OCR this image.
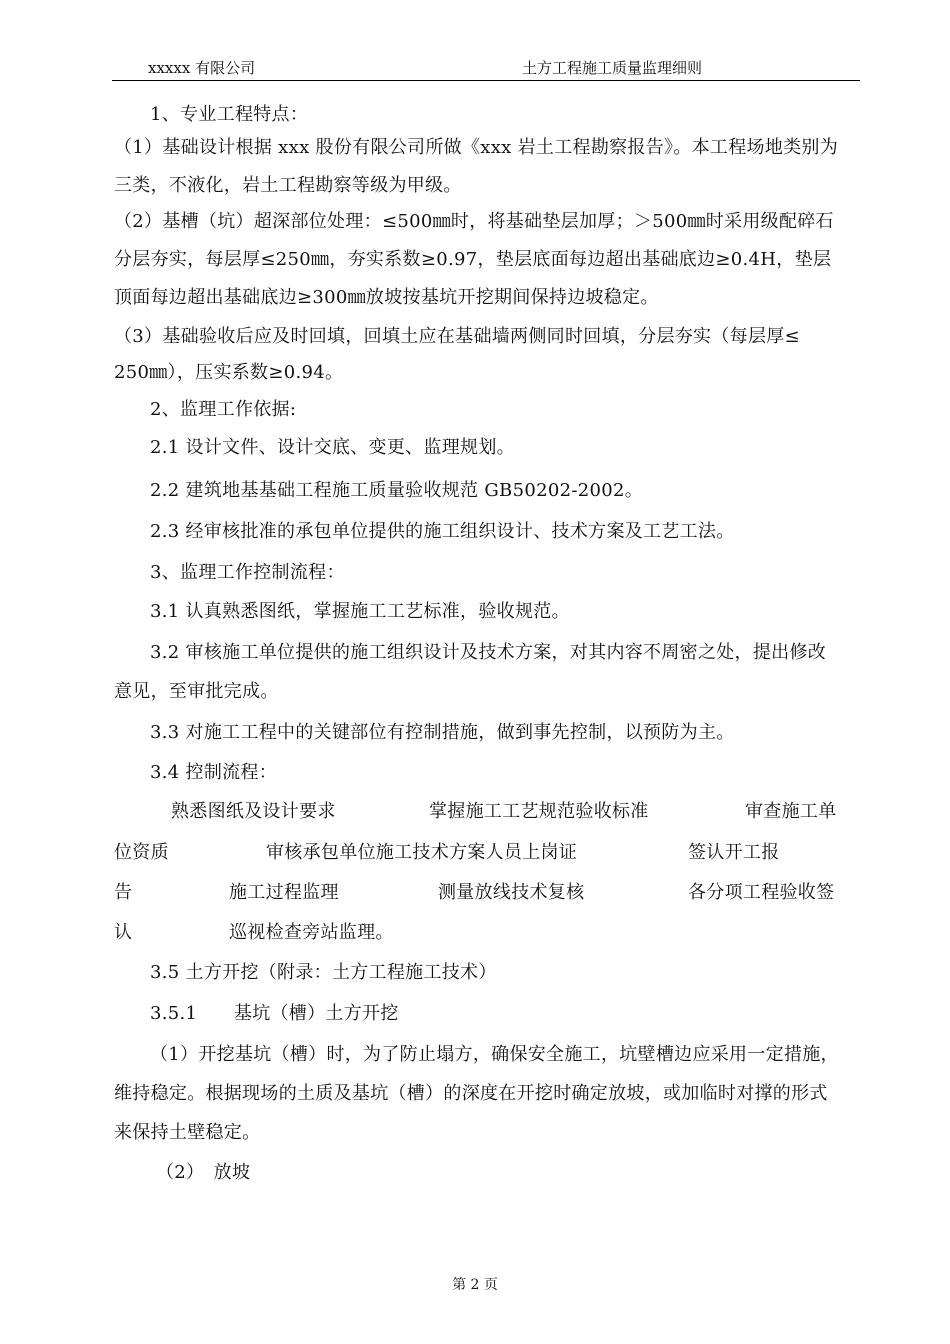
xxxxx 有限公司	土方工程施工质量监理细则
1、专业工程特点：
（1）基础设计根据 xxx 股份有限公司所做《xxx 岩土工程勘察报告》。本工程场地类别为
三类，不液化，岩土工程勘察等级为甲级。
（2）基槽（坑）超深部位处理：≤500㎜时，将基础垫层加厚；＞500㎜时采用级配碎石
分层夯实，每层厚≤250㎜，夯实系数≥0.97，垫层底面每边超出基础底边≥0.4H，垫层
顶面每边超出基础底边≥300㎜放坡按基坑开挖期间保持边坡稳定。
（3）基础验收后应及时回填，回填土应在基础墙两侧同时回填，分层夯实（每层厚≤
250㎜），压实系数≥0.94。
2、监理工作依据:
2.1 设计文件、设计交底、变更、监理规划。
2.2 建筑地基基础工程施工质量验收规范 GB50202-2002。
2.3 经审核批准的承包单位提供的施工组织设计、技术方案及工艺工法。
3、监理工作控制流程：
3.1 认真熟悉图纸，掌握施工工艺标准，验收规范。
3.2 审核施工单位提供的施工组织设计及技术方案，对其内容不周密之处，提出修改
意见，至审批完成。
3.3 对施工工程中的关键部位有控制措施，做到事先控制，以预防为主。
3.4 控制流程：
熟悉图纸及设计要求	掌握施工工艺规范验收标准	审查施工单
位资质	审核承包单位施工技术方案人员上岗证	签认开工报
告	施工过程监理	测量放线技术复核	各分项工程验收签
认	巡视检查旁站监理。
3.5 土方开挖（附录：土方工程施工技术）
3.5.1　　基坑（槽）土方开挖
（1）开挖基坑（槽）时，为了防止塌方，确保安全施工，坑壁槽边应采用一定措施，
维持稳定。根据现场的土质及基坑（槽）的深度在开挖时确定放坡，或加临时对撑的形式
来保持土壁稳定。
（2）　放坡
第 2 页
